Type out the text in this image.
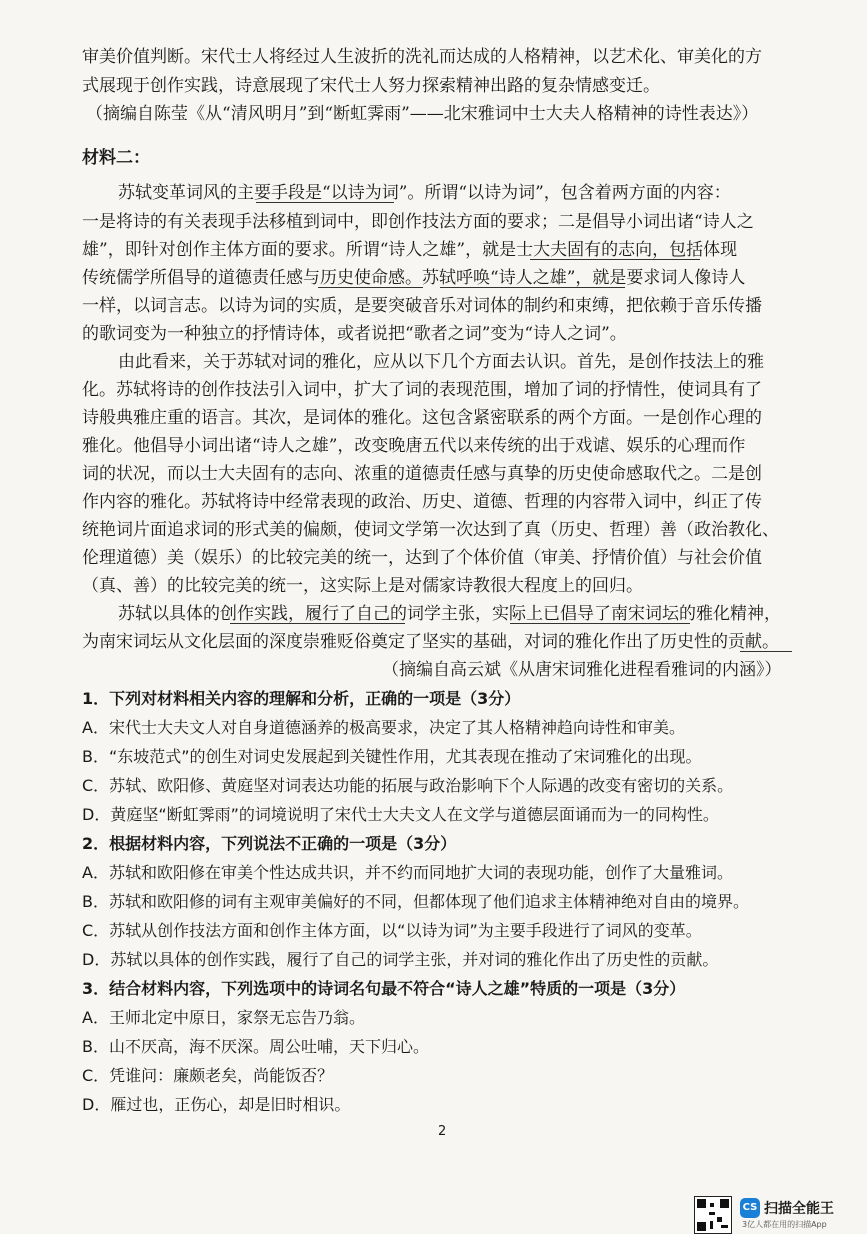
审美价值判断。宋代士人将经过人生波折的洗礼而达成的人格精神，以艺术化、审美化的方
式展现于创作实践，诗意展现了宋代士人努力探索精神出路的复杂情感变迁。
（摘编自陈莹《从“清风明月”到“断虹霁雨”——北宋雅词中士大夫人格精神的诗性表达》）
材料二：
苏轼变革词风的主要手段是“以诗为词”。所谓“以诗为词”，包含着两方面的内容：
一是将诗的有关表现手法移植到词中，即创作技法方面的要求；二是倡导小词出诸“诗人之
雄”，即针对创作主体方面的要求。所谓“诗人之雄”，就是士大夫固有的志向，包括体现
传统儒学所倡导的道德责任感与历史使命感。苏轼呼唤“诗人之雄”，就是要求词人像诗人
一样，以词言志。以诗为词的实质，是要突破音乐对词体的制约和束缚，把依赖于音乐传播
的歌词变为一种独立的抒情诗体，或者说把“歌者之词”变为“诗人之词”。
由此看来，关于苏轼对词的雅化，应从以下几个方面去认识。首先，是创作技法上的雅
化。苏轼将诗的创作技法引入词中，扩大了词的表现范围，增加了词的抒情性，使词具有了
诗般典雅庄重的语言。其次，是词体的雅化。这包含紧密联系的两个方面。一是创作心理的
雅化。他倡导小词出诸“诗人之雄”，改变晚唐五代以来传统的出于戏谑、娱乐的心理而作
词的状况，而以士大夫固有的志向、浓重的道德责任感与真挚的历史使命感取代之。二是创
作内容的雅化。苏轼将诗中经常表现的政治、历史、道德、哲理的内容带入词中，纠正了传
统艳词片面追求词的形式美的偏颇，使词文学第一次达到了真（历史、哲理）善（政治教化、
伦理道德）美（娱乐）的比较完美的统一，达到了个体价值（审美、抒情价值）与社会价值
（真、善）的比较完美的统一，这实际上是对儒家诗教很大程度上的回归。
苏轼以具体的创作实践，履行了自己的词学主张，实际上已倡导了南宋词坛的雅化精神，
为南宋词坛从文化层面的深度崇雅贬俗奠定了坚实的基础，对词的雅化作出了历史性的贡献。
（摘编自高云斌《从唐宋词雅化进程看雅词的内涵》）
1．下列对材料相关内容的理解和分析，正确的一项是（3分）
A．宋代士大夫文人对自身道德涵养的极高要求，决定了其人格精神趋向诗性和审美。
B．“东坡范式”的创生对词史发展起到关键性作用，尤其表现在推动了宋词雅化的出现。
C．苏轼、欧阳修、黄庭坚对词表达功能的拓展与政治影响下个人际遇的改变有密切的关系。
D．黄庭坚“断虹霁雨”的词境说明了宋代士大夫文人在文学与道德层面诵而为一的同构性。
2．根据材料内容，下列说法不正确的一项是（3分）
A．苏轼和欧阳修在审美个性达成共识，并不约而同地扩大词的表现功能，创作了大量雅词。
B．苏轼和欧阳修的词有主观审美偏好的不同，但都体现了他们追求主体精神绝对自由的境界。
C．苏轼从创作技法方面和创作主体方面，以“以诗为词”为主要手段进行了词风的变革。
D．苏轼以具体的创作实践，履行了自己的词学主张，并对词的雅化作出了历史性的贡献。
3．结合材料内容，下列选项中的诗词名句最不符合“诗人之雄”特质的一项是（3分）
A．王师北定中原日，家祭无忘告乃翁。
B．山不厌高，海不厌深。周公吐哺，天下归心。
C．凭谁问：廉颇老矣，尚能饭否？
D．雁过也，正伤心，却是旧时相识。
2
CS 扫描全能王
3亿人都在用的扫描App
